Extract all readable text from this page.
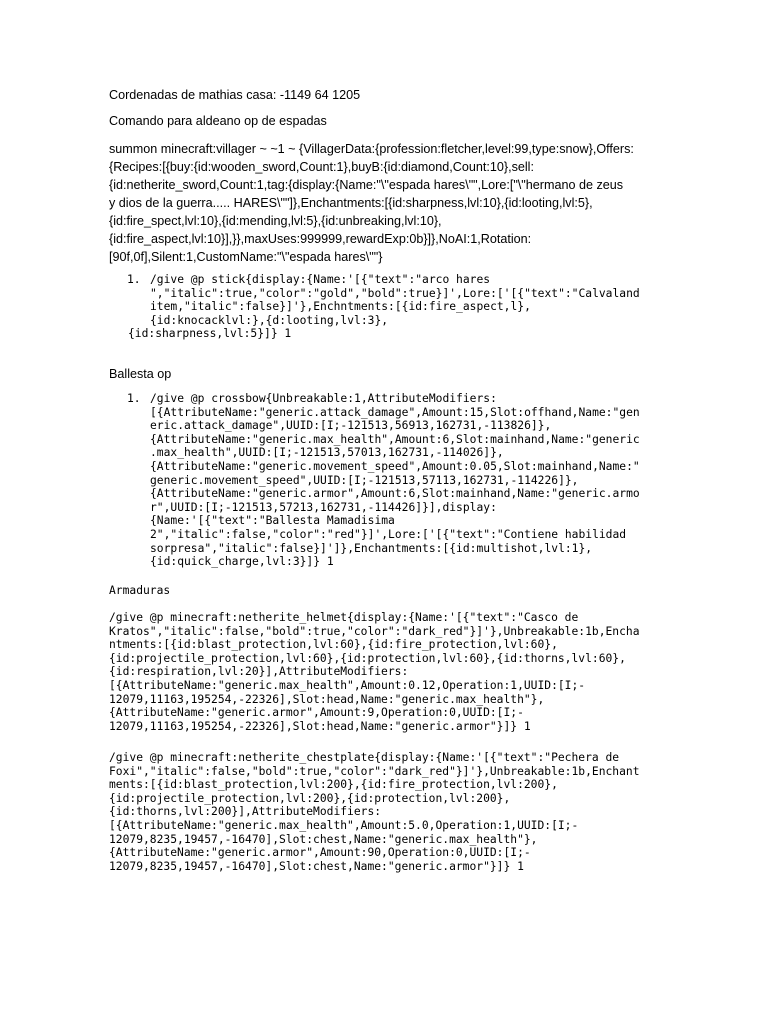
Cordenadas de mathias casa: -1149 64 1205

Comando para aldeano op de espadas

summon minecraft:villager ~ ~1 ~ {VillagerData:{profession:fletcher,level:99,type:snow},Offers:
{Recipes:[{buy:{id:wooden_sword,Count:1},buyB:{id:diamond,Count:10},sell:
{id:netherite_sword,Count:1,tag:{display:{Name:"\"espada hares\"",Lore:["\"hermano de zeus
y dios de la guerra..... HARES\""]},Enchantments:[{id:sharpness,lvl:10},{id:looting,lvl:5},
{id:fire_spect,lvl:10},{id:mending,lvl:5},{id:unbreaking,lvl:10},
{id:fire_aspect,lvl:10}],}},maxUses:999999,rewardExp:0b}]},NoAI:1,Rotation:
[90f,0f],Silent:1,CustomName:"\"espada hares\""}
1. /give @p stick{display:{Name:'[{"text":"arco hares
","italic":true,"color":"gold","bold":true}]',Lore:['[{"text":"Calvaland
item,"italic":false}]'},Enchntments:[{id:fire_aspect,l},
{id:knocacklvl:},{d:looting,lvl:3},
{id:sharpness,lvl:5}]} 1

Ballesta op

1. /give @p crossbow{Unbreakable:1,AttributeModifiers:
[{AttributeName:"generic.attack_damage",Amount:15,Slot:offhand,Name:"gen
eric.attack_damage",UUID:[I;-121513,56913,162731,-113826]},
{AttributeName:"generic.max_health",Amount:6,Slot:mainhand,Name:"generic
.max_health",UUID:[I;-121513,57013,162731,-114026]},
{AttributeName:"generic.movement_speed",Amount:0.05,Slot:mainhand,Name:"
generic.movement_speed",UUID:[I;-121513,57113,162731,-114226]},
{AttributeName:"generic.armor",Amount:6,Slot:mainhand,Name:"generic.armo
r",UUID:[I;-121513,57213,162731,-114426]}],display:
{Name:'[{"text":"Ballesta Mamadisima
2","italic":false,"color":"red"}]',Lore:['[{"text":"Contiene habilidad
sorpresa","italic":false}]']},Enchantments:[{id:multishot,lvl:1},
{id:quick_charge,lvl:3}]} 1
Armaduras
/give @p minecraft:netherite_helmet{display:{Name:'[{"text":"Casco de
Kratos","italic":false,"bold":true,"color":"dark_red"}]'},Unbreakable:1b,Encha
ntments:[{id:blast_protection,lvl:60},{id:fire_protection,lvl:60},
{id:projectile_protection,lvl:60},{id:protection,lvl:60},{id:thorns,lvl:60},
{id:respiration,lvl:20}],AttributeModifiers:
[{AttributeName:"generic.max_health",Amount:0.12,Operation:1,UUID:[I;-
12079,11163,195254,-22326],Slot:head,Name:"generic.max_health"},
{AttributeName:"generic.armor",Amount:9,Operation:0,UUID:[I;-
12079,11163,195254,-22326],Slot:head,Name:"generic.armor"}]} 1
/give @p minecraft:netherite_chestplate{display:{Name:'[{"text":"Pechera de
Foxi","italic":false,"bold":true,"color":"dark_red"}]'},Unbreakable:1b,Enchant
ments:[{id:blast_protection,lvl:200},{id:fire_protection,lvl:200},
{id:projectile_protection,lvl:200},{id:protection,lvl:200},
{id:thorns,lvl:200}],AttributeModifiers:
[{AttributeName:"generic.max_health",Amount:5.0,Operation:1,UUID:[I;-
12079,8235,19457,-16470],Slot:chest,Name:"generic.max_health"},
{AttributeName:"generic.armor",Amount:90,Operation:0,UUID:[I;-
12079,8235,19457,-16470],Slot:chest,Name:"generic.armor"}]} 1
